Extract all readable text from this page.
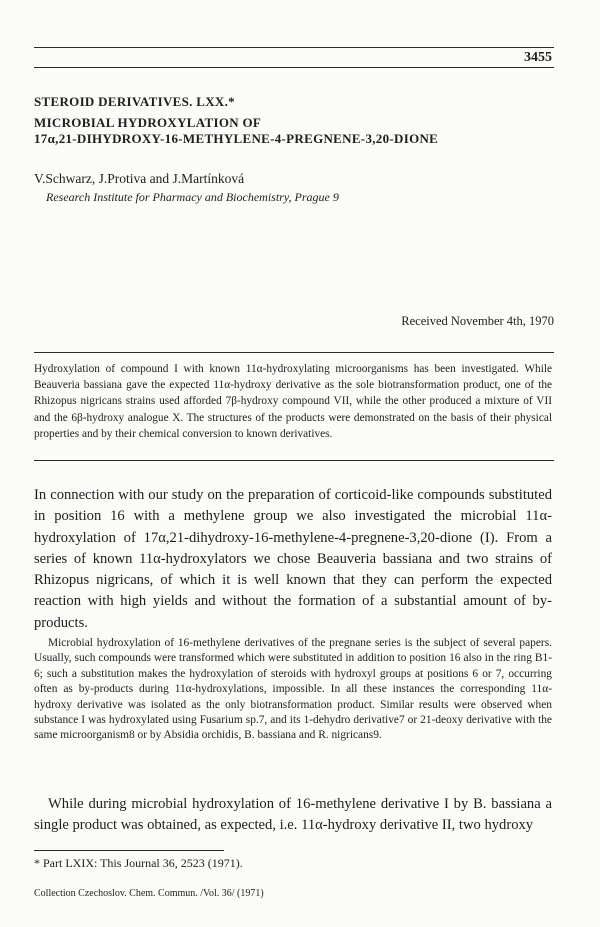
3455
STEROID DERIVATIVES. LXX.*
MICROBIAL HYDROXYLATION OF
17α,21-DIHYDROXY-16-METHYLENE-4-PREGNENE-3,20-DIONE
V.Schwarz, J.Protiva and J.Martínková
Research Institute for Pharmacy and Biochemistry, Prague 9
Received November 4th, 1970

Hydroxylation of compound I with known 11α-hydroxylating microorganisms has been investigated. While Beauveria bassiana gave the expected 11α-hydroxy derivative as the sole biotransformation product, one of the Rhizopus nigricans strains used afforded 7β-hydroxy compound VII, while the other produced a mixture of VII and the 6β-hydroxy analogue X. The structures of the products were demonstrated on the basis of their physical properties and by their chemical conversion to known derivatives.

In connection with our study on the preparation of corticoid-like compounds substituted in position 16 with a methylene group we also investigated the microbial 11α-hydroxylation of 17α,21-dihydroxy-16-methylene-4-pregnene-3,20-dione (I). From a series of known 11α-hydroxylators we chose Beauveria bassiana and two strains of Rhizopus nigricans, of which it is well known that they can perform the expected reaction with high yields and without the formation of a substantial amount of by-products.

Microbial hydroxylation of 16-methylene derivatives of the pregnane series is the subject of several papers. Usually, such compounds were transformed which were substituted in addition to position 16 also in the ring B1-6; such a substitution makes the hydroxylation of steroids with hydroxyl groups at positions 6 or 7, occurring often as by-products during 11α-hydroxylations, impossible. In all these instances the corresponding 11α-hydroxy derivative was isolated as the only biotransformation product. Similar results were observed when substance I was hydroxylated using Fusarium sp.7, and its 1-dehydro derivative7 or 21-deoxy derivative with the same microorganism8 or by Absidia orchidis, B. bassiana and R. nigricans9.

While during microbial hydroxylation of 16-methylene derivative I by B. bassiana a single product was obtained, as expected, i.e. 11α-hydroxy derivative II, two hydroxy

* Part LXIX: This Journal 36, 2523 (1971).
Collection Czechoslov. Chem. Commun. /Vol. 36/ (1971)
